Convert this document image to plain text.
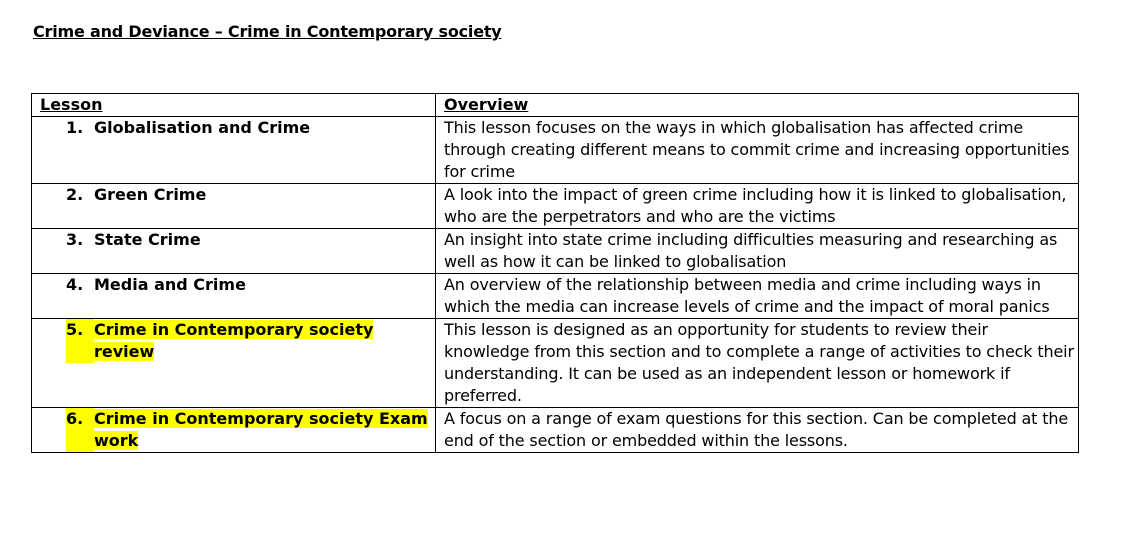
Crime and Deviance – Crime in Contemporary society
Lesson	Overview

1. Globalisation and Crime	This lesson focuses on the ways in which globalisation has affected crime through creating different means to commit crime and increasing opportunities for crime

2. Green Crime	A look into the impact of green crime including how it is linked to globalisation, who are the perpetrators and who are the victims

3. State Crime	An insight into state crime including difficulties measuring and researching as well as how it can be linked to globalisation

4. Media and Crime	An overview of the relationship between media and crime including ways in which the media can increase levels of crime and the impact of moral panics

5. Crime in Contemporary society review	This lesson is designed as an opportunity for students to review their knowledge from this section and to complete a range of activities to check their understanding. It can be used as an independent lesson or homework if preferred.

6. Crime in Contemporary society Exam work	A focus on a range of exam questions for this section. Can be completed at the end of the section or embedded within the lessons.
